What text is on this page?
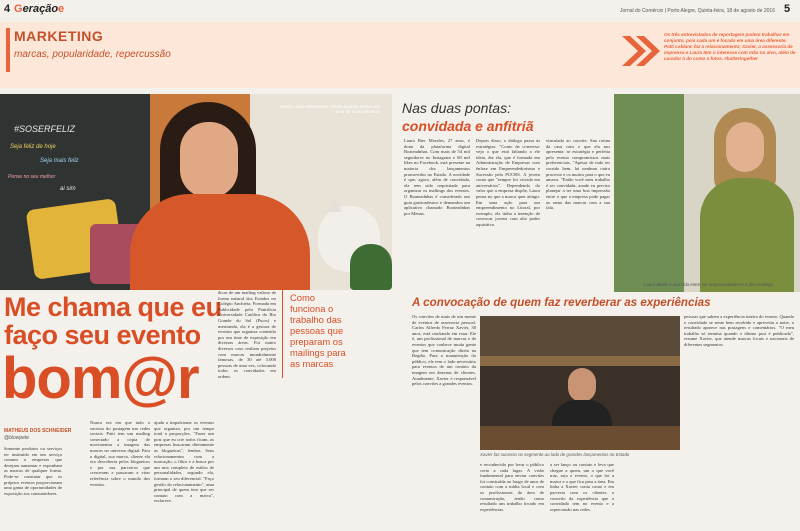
4 Geraçãoe	Jornal do Comércio | Porto Alegre, Quinta-feira, 18 de agosto de 2016 5
MARKETING
marcas, popularidade, repercussão
Os três entrevistados de reportagem podem trabalhar em conjunto, pois cada um é focado em uma área diferente. Patti Leblanc faz a relacionamento; Xavier, o assessoria de imprensa e Laura tem o interesse com mão no alvo, além de curador à do como a fotos. #battertogether
#SOSERFELIZ
Seja feliz de hoje
Seja mais feliz
Pense no seu melhor
ai sim
Jovem Laura Mentelstein esteve durante esteve em uma de suas palestras
Me chama que eu
faço seu evento
bom@r
MATHEUS DOS SCHNEIDER
@blowpete
Somente produtos ou serviços ter instituído em um serviço comum a empresas que desejam aumentar e exponham as marcas de qualquer forma. Pode-se constatar que os próprios eventos proporcionam uma gama de oportunidades de exposição aos consumidores.
Nunca era em que tudo o sucesso do postagem nas redes sociais. Patti tem um mailing conectado a cópia de movimentar a imagem das marcas no universo digital. Para a digital, sua marca, cliente ela era descoberta pelos blogueiros e por sua parceiros que cresceram e passaram a virar referência sobre o mundo dos eventos.
ajuda a impulsionar os eventos que organiza, por um tempo total a proporções. "Fazer um post que eu crie todos ficam, as empresas buscaram diretamente as blogueiras", lembra. Seus relacionamentos com a marcação, o filtro e a busca por um mix completo de estilos de personalidades, segundo ela, formam o seu diferencial. "Faço gestão do relacionamento", uma principal de quem tem que ser contato com a marca", esclarece.
dicas de um mailing valioso de forma natural dos Estados no Colégio Anchieta. Formada em Publicidade pela Pontifícia Universidade Católica do Rio Grande do Sul (Pucrs) e mestranda, ela é a gestora de eventos que organiza conteúdo por um time de exposição em diversas áreas. Foi muito diversos caso realizar projetos com marcas mundialmente famosas, de 30 até 3.000 pessoas de uma vez, colocando todos os convidados em ordem.
Como funciona o trabalho das pessoas que preparam os mailings para as marcas
Nas duas pontas:
convidada e anfitriã
Laura Bier Morales, 27 anos, é dona da plataforma digital Boateadnhas. Com mais de 54 mil seguidores no Instagram e 60 mil likes no Facebook, está presente na maioria dos lançamentos promovidos no Estado. A novidade é que, agora, além de convidada, ela tem sido requisitada para organizar os mailings dos eventos. O Boateadnhas é considerado um guia gastronômico e demandou um aplicativo chamado Boateadnhas por Menus.
Depois disso, o diálogo passa às estratégias. "Conto da conversa: vejo o que está faltando a ele ideia, diz ela, que é formada em Administração de Empresas com ênfase em Empreendedorismo e Sucessão pela PUCRS. A jovem conta que "sempre foi viciada em aniversários". Dependendo do valor que a empresa dispõe, Laura pensa no que a marca quer atingir. Em uma ação para um empreendimento no Litoral, por exemplo, ela tinha a intenção de convocar jovens com alto poder aquisitivo.
vinculada ao convite. Sua rotina da casa com o que ela nos apresenta: se estratégia e perfeita pelo evento compromissos mais preferenciais. "Apesar de tudo ter corrido bem, há nenhum outro processo e os muitos para o que eu amava. "Então você meu trabalho é ser convidada, aonde eu preciso planejar a ter uma boa impressão entre o que a empresa pode pagar ao ramo das marcas com a sua fala.
Laura divide a sua vida entre ser empreendedora e a dos mailings
A convocação de quem faz reverberar as experiências
Os convites de mais de um monte de eventos de assessoria pessoal. Carlos Alfredo Ferraz Xavier, 30 anos, está confiando em estar. Ele é, um profissional de marcas e de eventos que conhece muita gente que tem comunicação direta na Região. Para a manutenção do público, ele tem o lado necessário para eventos de um cenário da imagem em dezenas de clientes. Atualmente, Xavier é responsável pelos convites a grandes eventos.
Xavier faz sucesso no segmento ao lado de grandes lançamentos no Estado
e reconhecido por levar o público certo a cada lugar. A visão fundamental para enviar convites foi construída ao longo de anos de contato com a mídia local e com os profissionais da área de comunicação, tendo como resultado um trabalho focado em experiências.
a ser lanço ou contato e leva que chegue a quem, um o que você traz, seja o evento, o que foi a marca e o que fica para a área. Em linha a Xavier conta como e em parceria com os clientes o conceito da experiência que o convidado tem no evento e a repercussão nas redes.
pessoas que sabem a experiência inteira do evento. Quando o convidado se sente bem recebido e aproveita a noite, o resultado aparece nas postagens e comentários. "O meu trabalho só termina quando o último post é publicado", resume Xavier, que atende marcas locais e nacionais de diferentes segmentos.
